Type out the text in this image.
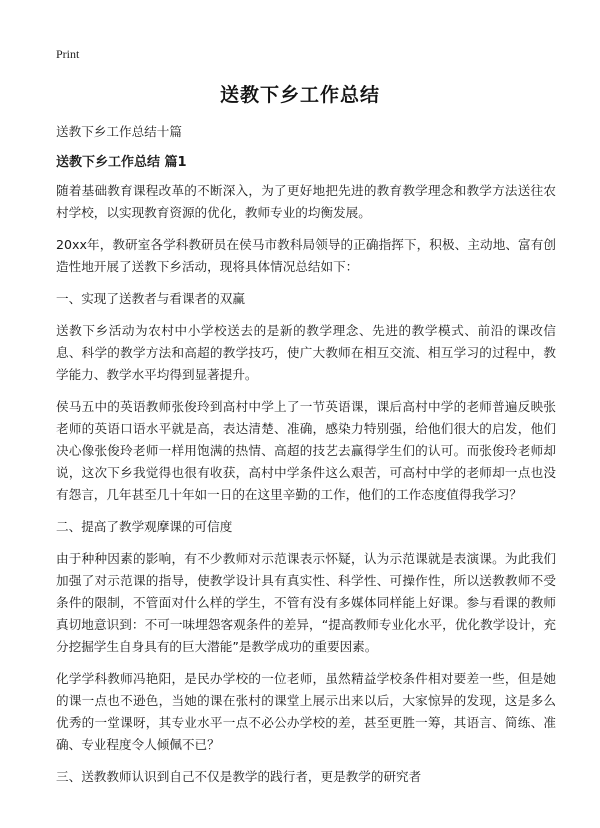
Print
送教下乡工作总结

送教下乡工作总结十篇

送教下乡工作总结 篇1

随着基础教育课程改革的不断深入，为了更好地把先进的教育教学理念和教学方法送往农村学校，以实现教育资源的优化，教师专业的均衡发展。

20xx年，教研室各学科教研员在侯马市教科局领导的正确指挥下，积极、主动地、富有创造性地开展了送教下乡活动，现将具体情况总结如下：

一、实现了送教者与看课者的双赢

送教下乡活动为农村中小学校送去的是新的教学理念、先进的教学模式、前沿的课改信息、科学的教学方法和高超的教学技巧，使广大教师在相互交流、相互学习的过程中，教学能力、教学水平均得到显著提升。

侯马五中的英语教师张俊玲到高村中学上了一节英语课，课后高村中学的老师普遍反映张老师的英语口语水平就是高，表达清楚、准确，感染力特别强，给他们很大的启发，他们决心像张俊玲老师一样用饱满的热情、高超的技艺去赢得学生们的认可。而张俊玲老师却说，这次下乡我觉得也很有收获，高村中学条件这么艰苦，可高村中学的老师却一点也没有怨言，几年甚至几十年如一日的在这里辛勤的工作，他们的工作态度值得我学习？

二、提高了教学观摩课的可信度

由于种种因素的影响，有不少教师对示范课表示怀疑，认为示范课就是表演课。为此我们加强了对示范课的指导，使教学设计具有真实性、科学性、可操作性，所以送教教师不受条件的限制，不管面对什么样的学生，不管有没有多媒体同样能上好课。参与看课的教师真切地意识到：不可一味埋怨客观条件的差异，“提高教师专业化水平，优化教学设计，充分挖掘学生自身具有的巨大潜能”是教学成功的重要因素。

化学学科教师冯艳阳，是民办学校的一位老师，虽然精益学校条件相对要差一些，但是她的课一点也不逊色，当她的课在张村的课堂上展示出来以后，大家惊异的发现，这是多么优秀的一堂课呀，其专业水平一点不必公办学校的差，甚至更胜一筹，其语言、简练、准确、专业程度令人倾佩不已？

三、送教教师认识到自己不仅是教学的践行者，更是教学的研究者
